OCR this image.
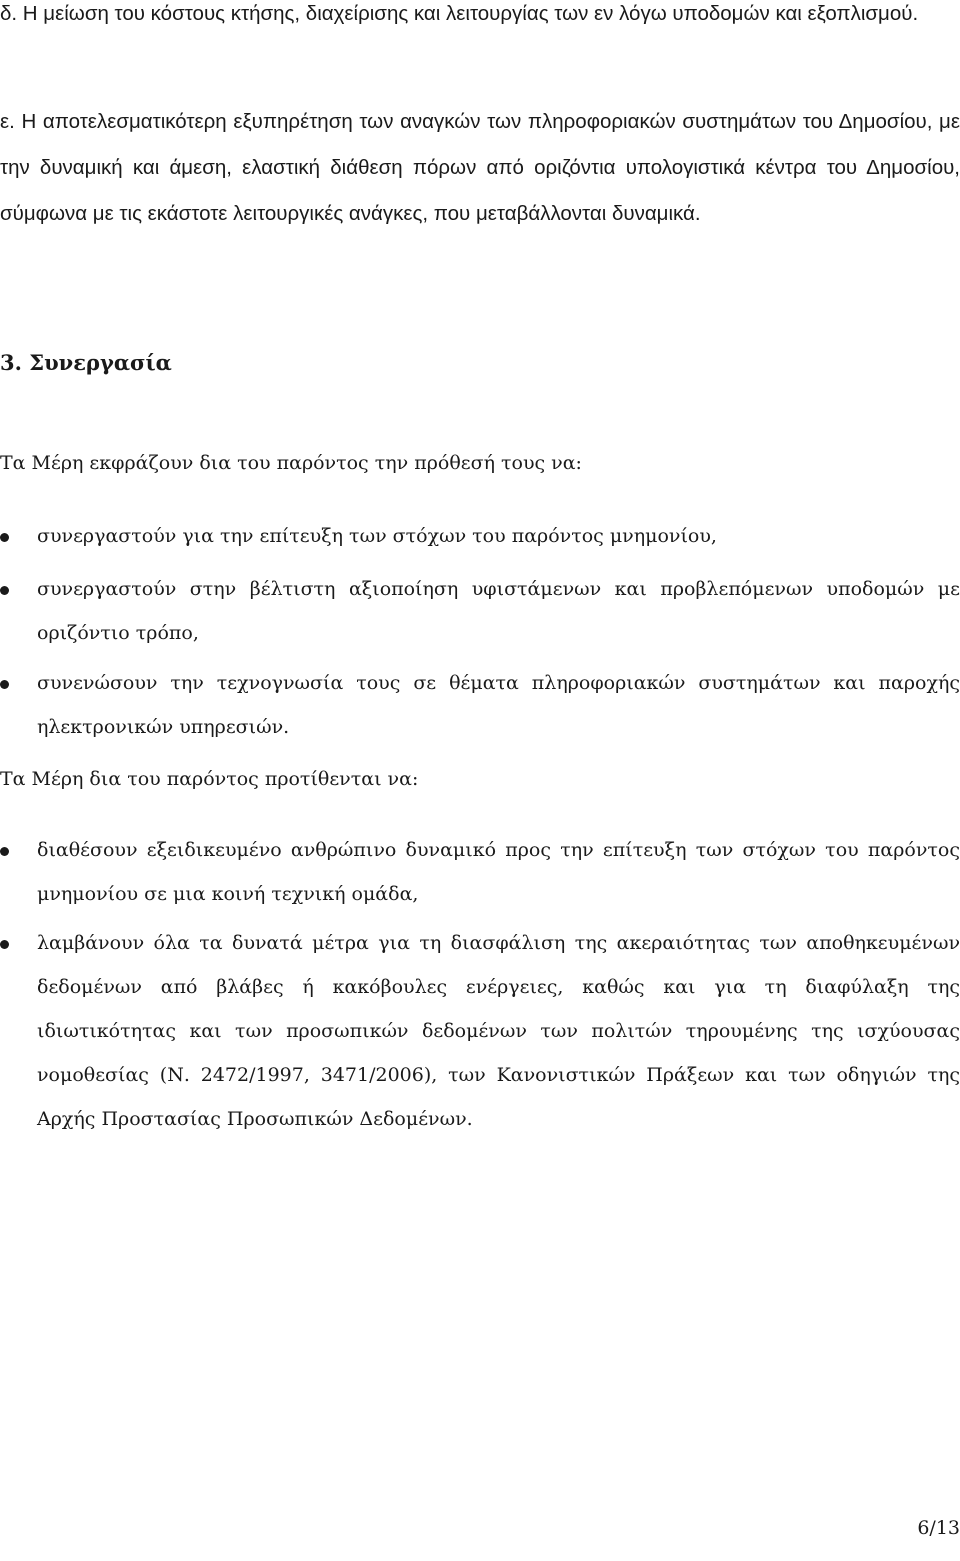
δ. Η μείωση του κόστους κτήσης, διαχείρισης και λειτουργίας των εν λόγω υποδομών και εξοπλισμού.

ε. Η αποτελεσματικότερη εξυπηρέτηση των αναγκών των πληροφοριακών συστημάτων του Δημοσίου, με την δυναμική και άμεση, ελαστική διάθεση πόρων από οριζόντια υπολογιστικά κέντρα του Δημοσίου, σύμφωνα με τις εκάστοτε λειτουργικές ανάγκες, που μεταβάλλονται δυναμικά.

3. Συνεργασία

Τα Μέρη εκφράζουν δια του παρόντος την πρόθεσή τους να:

συνεργαστούν για την επίτευξη των στόχων του παρόντος μνημονίου,
συνεργαστούν στην βέλτιστη αξιοποίηση υφιστάμενων και προβλεπόμενων υποδομών με οριζόντιο τρόπο,
συνενώσουν την τεχνογνωσία τους σε θέματα πληροφοριακών συστημάτων και παροχής ηλεκτρονικών υπηρεσιών.

Τα Μέρη δια του παρόντος προτίθενται να:

διαθέσουν εξειδικευμένο ανθρώπινο δυναμικό προς την επίτευξη των στόχων του παρόντος μνημονίου σε μια κοινή τεχνική ομάδα,
λαμβάνουν όλα τα δυνατά μέτρα για τη διασφάλιση της ακεραιότητας των αποθηκευμένων δεδομένων από βλάβες ή κακόβουλες ενέργειες, καθώς και για τη διαφύλαξη της ιδιωτικότητας και των προσωπικών δεδομένων των πολιτών τηρουμένης της ισχύουσας νομοθεσίας (Ν. 2472/1997, 3471/2006), των Κανονιστικών Πράξεων και των οδηγιών της Αρχής Προστασίας Προσωπικών Δεδομένων.

6/13
